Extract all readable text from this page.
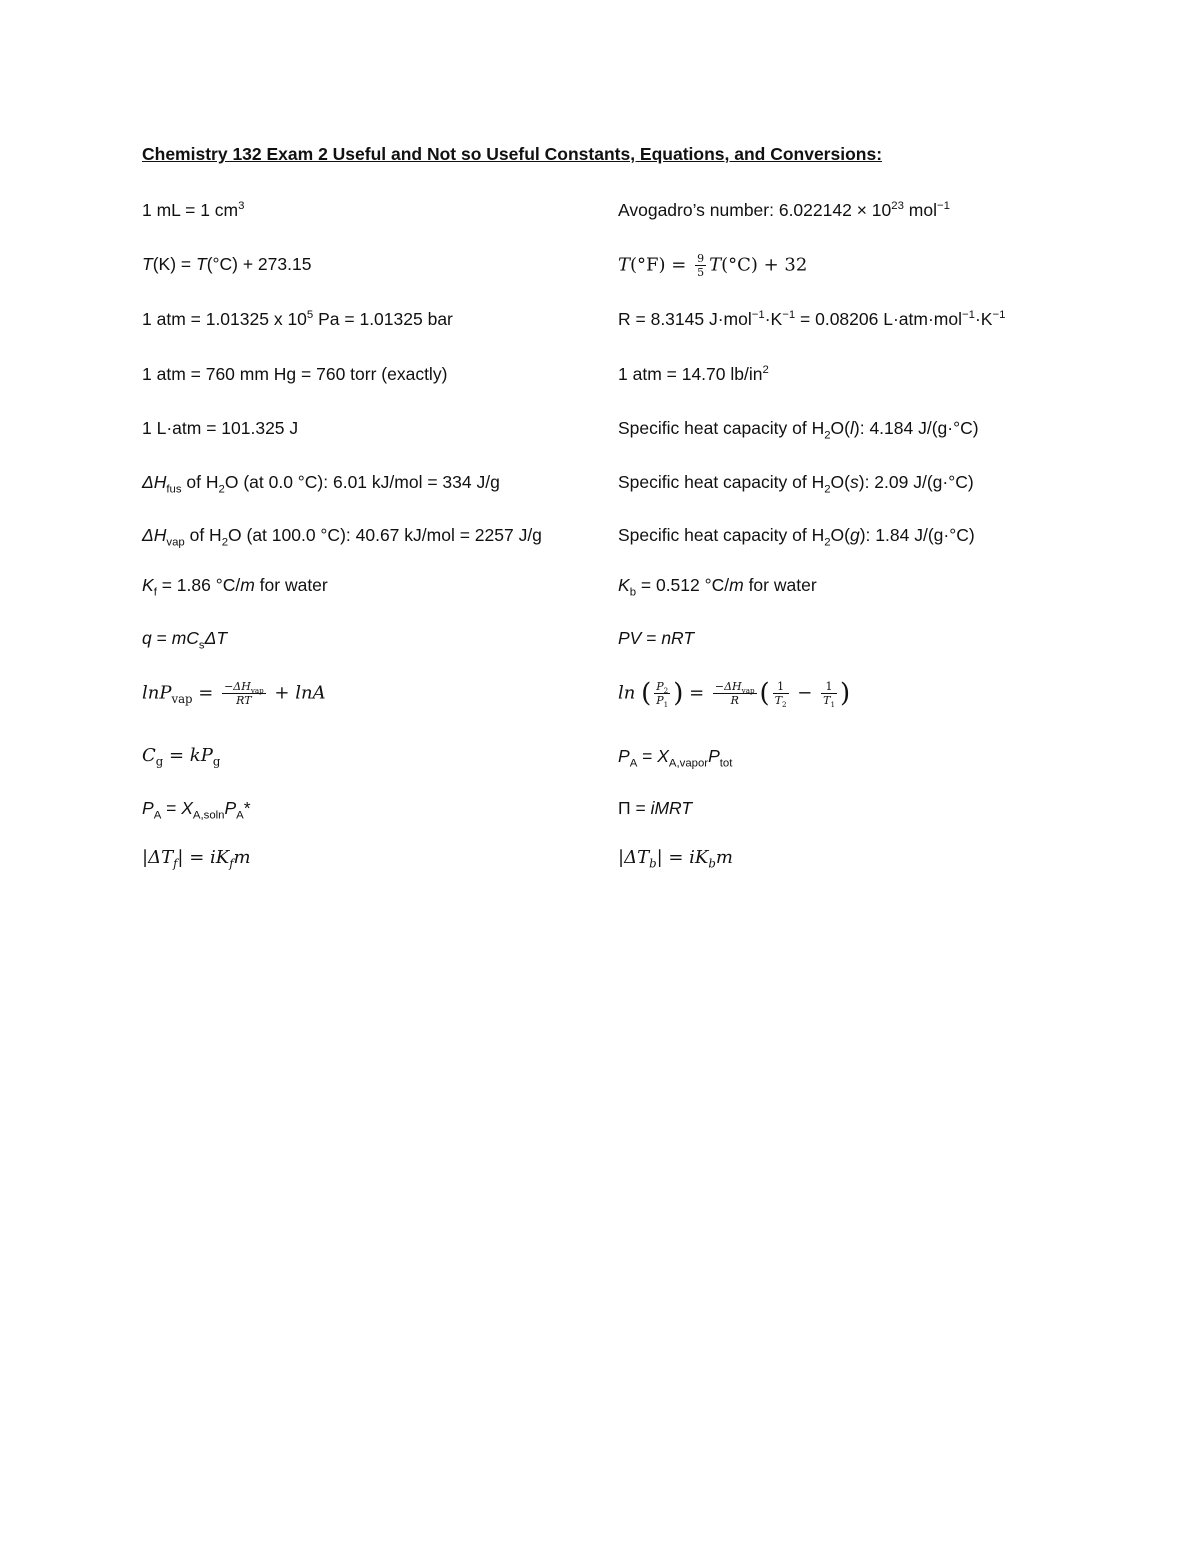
Chemistry 132 Exam 2 Useful and Not so Useful Constants, Equations, and Conversions:
1 mL = 1 $cm^3$	Avogadro’s number: $6.022142 \times 10^{23}$ mol$^{-1}$
T(K) = T(°C) + 273.15	$T(^\circ F) = \frac{9}{5} T(^\circ C) + 32$
1 atm = 1.01325 x $10^5$ Pa = 1.01325 bar	R = 8.3145 $J\cdot mol^{-1}\cdot K^{-1} = 0.08206$ $L\cdot atm\cdot mol^{-1}\cdot K^{-1}$
1 atm = 760 mm Hg = 760 torr (exactly)	1 atm = 14.70 $lb/in^2$
1 L·atm = 101.325 J	Specific heat capacity of $H_2O(l)$: 4.184 J/(g·°C)
$\Delta H_{fus}$ of $H_2O$ (at 0.0 °C): 6.01 kJ/mol = 334 J/g	Specific heat capacity of $H_2O(s)$: 2.09 J/(g·°C)
$\Delta H_{vap}$ of $H_2O$ (at 100.0 °C): 40.67 kJ/mol = 2257 J/g	Specific heat capacity of $H_2O(g)$: 1.84 J/(g·°C)
$K_f = 1.86$ °C/m for water	$K_b = 0.512$ °C/m for water
$q = mC_s\Delta T$	PV = nRT
$\ln P_{vap} = \frac{-\Delta H_{vap}}{RT} + \ln A$	ln ( $\frac{P_2}{P_1}$ ) = $\frac{-\Delta H_{vap}}{R}$ ( $\frac{1}{T_2} - \frac{1}{T_1}$ )
$C_g = kP_g$	$P_A = X_{A,vapor}P_{tot}$
$P_A = X_{A,soln}P_A*$	Π = iMRT
$|\Delta T_f| = iK_fm$	$|\Delta T_b| = iK_bm$
